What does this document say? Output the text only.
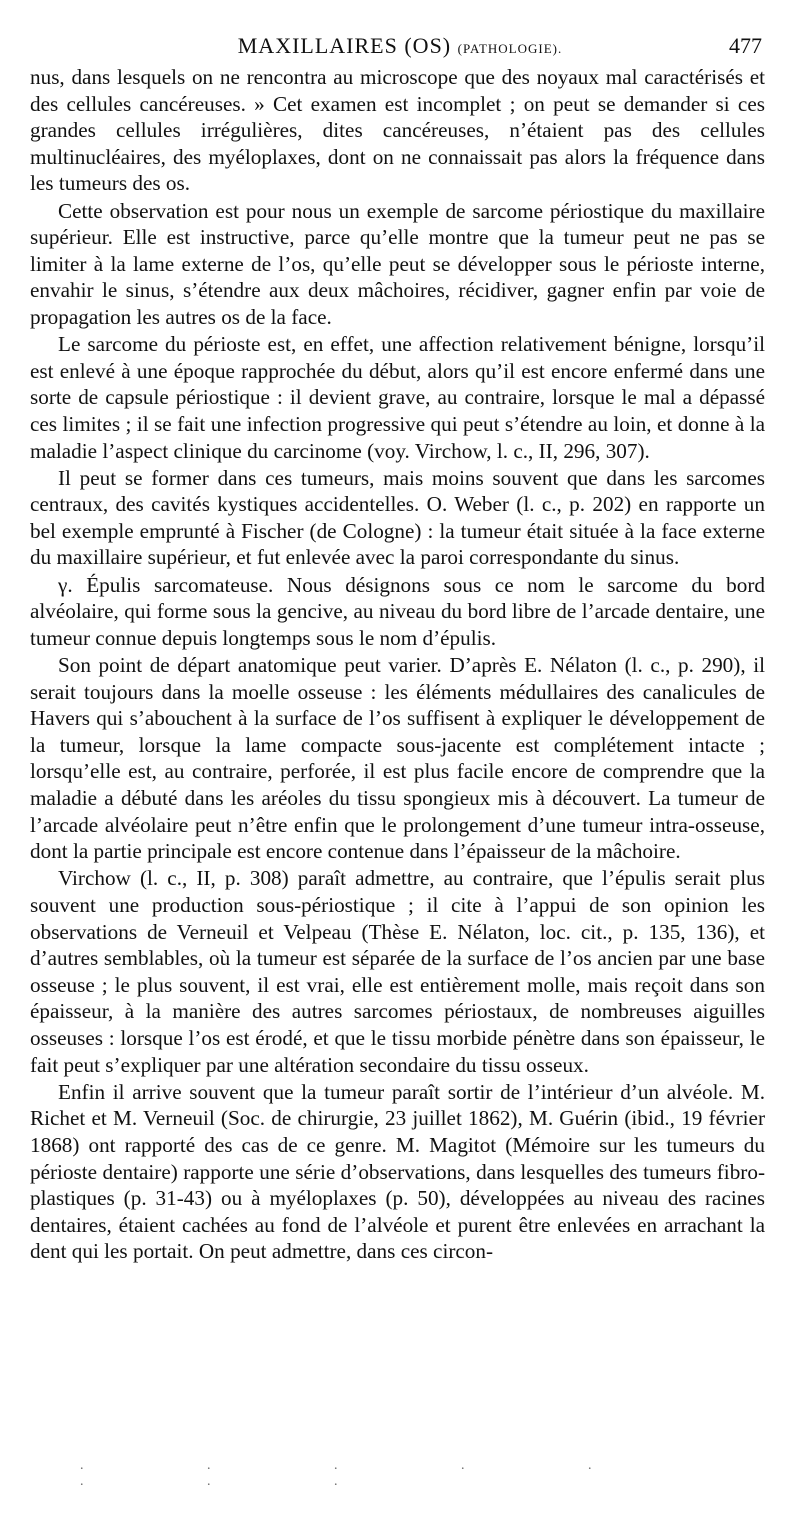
MAXILLAIRES (OS) (PATHOLOGIE).	477

nus, dans lesquels on ne rencontra au microscope que des noyaux mal caractérisés et des cellules cancéreuses. » Cet examen est incomplet ; on peut se demander si ces grandes cellules irrégulières, dites cancéreuses, n’étaient pas des cellules multinucléaires, des myéloplaxes, dont on ne connaissait pas alors la fréquence dans les tumeurs des os.

Cette observation est pour nous un exemple de sarcome périostique du maxillaire supérieur. Elle est instructive, parce qu’elle montre que la tumeur peut ne pas se limiter à la lame externe de l’os, qu’elle peut se développer sous le périoste interne, envahir le sinus, s’étendre aux deux mâchoires, récidiver, gagner enfin par voie de propagation les autres os de la face.

Le sarcome du périoste est, en effet, une affection relativement bénigne, lorsqu’il est enlevé à une époque rapprochée du début, alors qu’il est encore enfermé dans une sorte de capsule périostique : il devient grave, au contraire, lorsque le mal a dépassé ces limites ; il se fait une infection progressive qui peut s’étendre au loin, et donne à la maladie l’aspect clinique du carcinome (voy. Virchow, l. c., II, 296, 307).

Il peut se former dans ces tumeurs, mais moins souvent que dans les sarcomes centraux, des cavités kystiques accidentelles. O. Weber (l. c., p. 202) en rapporte un bel exemple emprunté à Fischer (de Cologne) : la tumeur était située à la face externe du maxillaire supérieur, et fut enlevée avec la paroi correspondante du sinus.

γ. Épulis sarcomateuse. Nous désignons sous ce nom le sarcome du bord alvéolaire, qui forme sous la gencive, au niveau du bord libre de l’arcade dentaire, une tumeur connue depuis longtemps sous le nom d’épulis.

Son point de départ anatomique peut varier. D’après E. Nélaton (l. c., p. 290), il serait toujours dans la moelle osseuse : les éléments médullaires des canalicules de Havers qui s’abouchent à la surface de l’os suffisent à expliquer le développement de la tumeur, lorsque la lame compacte sous-jacente est complétement intacte ; lorsqu’elle est, au contraire, perforée, il est plus facile encore de comprendre que la maladie a débuté dans les aréoles du tissu spongieux mis à découvert. La tumeur de l’arcade alvéolaire peut n’être enfin que le prolongement d’une tumeur intra-osseuse, dont la partie principale est encore contenue dans l’épaisseur de la mâchoire.

Virchow (l. c., II, p. 308) paraît admettre, au contraire, que l’épulis serait plus souvent une production sous-périostique ; il cite à l’appui de son opinion les observations de Verneuil et Velpeau (Thèse E. Nélaton, loc. cit., p. 135, 136), et d’autres semblables, où la tumeur est séparée de la surface de l’os ancien par une base osseuse ; le plus souvent, il est vrai, elle est entièrement molle, mais reçoit dans son épaisseur, à la manière des autres sarcomes périostaux, de nombreuses aiguilles osseuses : lorsque l’os est érodé, et que le tissu morbide pénètre dans son épaisseur, le fait peut s’expliquer par une altération secondaire du tissu osseux.

Enfin il arrive souvent que la tumeur paraît sortir de l’intérieur d’un alvéole. M. Richet et M. Verneuil (Soc. de chirurgie, 23 juillet 1862), M. Guérin (ibid., 19 février 1868) ont rapporté des cas de ce genre. M. Magitot (Mémoire sur les tumeurs du périoste dentaire) rapporte une série d’observations, dans lesquelles des tumeurs fibro-plastiques (p. 31-43) ou à myéloplaxes (p. 50), développées au niveau des racines dentaires, étaient cachées au fond de l’alvéole et purent être enlevées en arrachant la dent qui les portait. On peut admettre, dans ces circon-

. . . . . . . .
